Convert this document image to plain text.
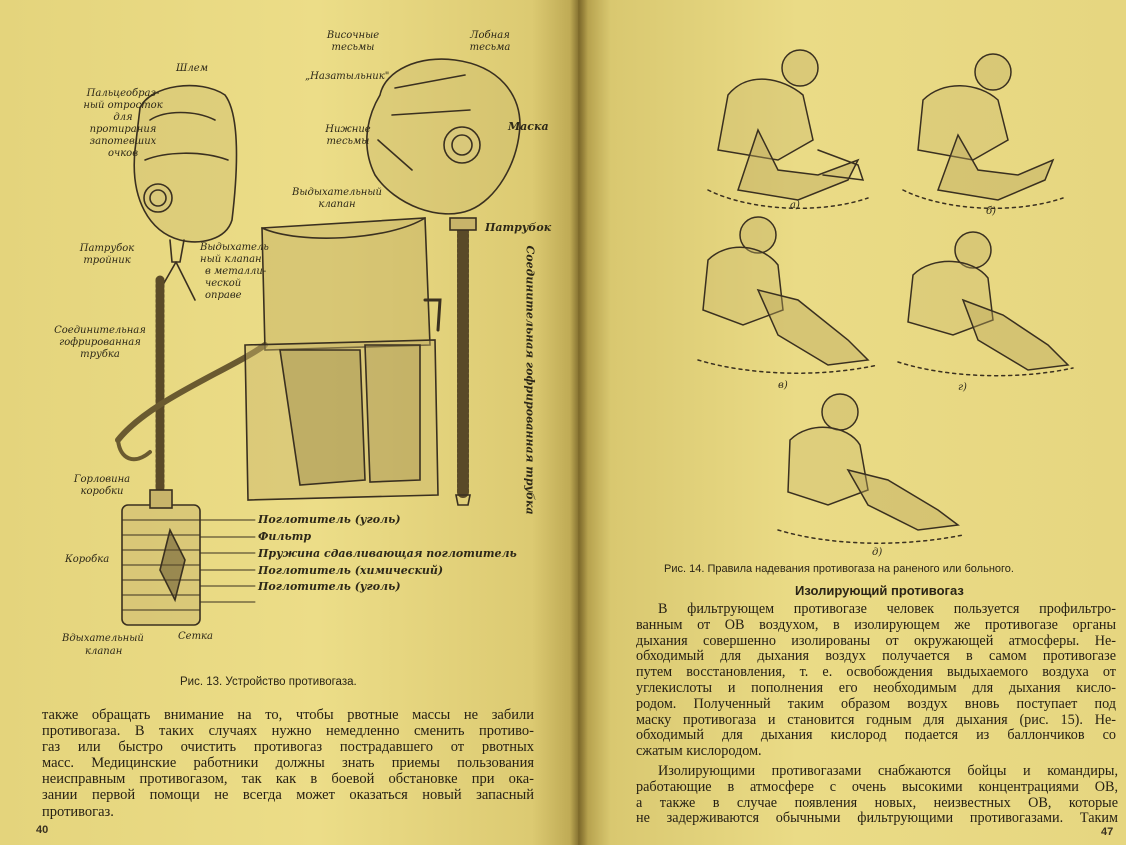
Шлем
Пальцеобраз-
ный отросток
для
протирания
запотевших
очков
Патрубок
тройник
Выдыхатель
ный клапан
в металли-
ческой
оправе
Соединительная
гофрированная
трубка
Горловина
коробки
Коробка
Вдыхательный
клапан
Сетка
Поглотитель (уголь)
Фильтр
Пружина сдавливающая поглотитель
Поглотитель (химический)
Поглотитель (уголь)
Височные
тесьмы
Лобная
тесьма
„Назатыльник"
Маска
Нижние
тесьмы
Выдыхательный
клапан
Патрубок
Соединительная гофрированная трубка
Рис. 13. Устройство противогаза.
также обращать внимание на то, чтобы рвотные массы не забили
противогаза. В таких случаях нужно немедленно сменить противо-
газ или быстро очистить противогаз пострадавшего от рвотных
масс. Медицинские работники должны знать приемы пользования
неисправным противогазом, так как в боевой обстановке при ока-
зании первой помощи не всегда может оказаться новый запасный
противогаз.
40
а)
б)
в)	г)
д)
Рис. 14. Правила надевания противогаза на раненого или больного.
Изолирующий противогаз
В фильтрующем противогазе человек пользуется профильтро-
ванным от ОВ воздухом, в изолирующем же противогазе органы
дыхания совершенно изолированы от окружающей атмосферы. Не-
обходимый для дыхания воздух получается в самом противогазе
путем восстановления, т. е. освобождения выдыхаемого воздуха от
углекислоты и пополнения его необходимым для дыхания кисло-
родом. Полученный таким образом воздух вновь поступает под
маску противогаза и становится годным для дыхания (рис. 15). Не-
обходимый для дыхания кислород подается из баллончиков со
сжатым кислородом.
Изолирующими противогазами снабжаются бойцы и командиры,
работающие в атмосфере с очень высокими концентрациями ОВ,
а также в случае появления новых, неизвестных ОВ, которые
не задерживаются обычными фильтрующими противогазами. Таким
47
